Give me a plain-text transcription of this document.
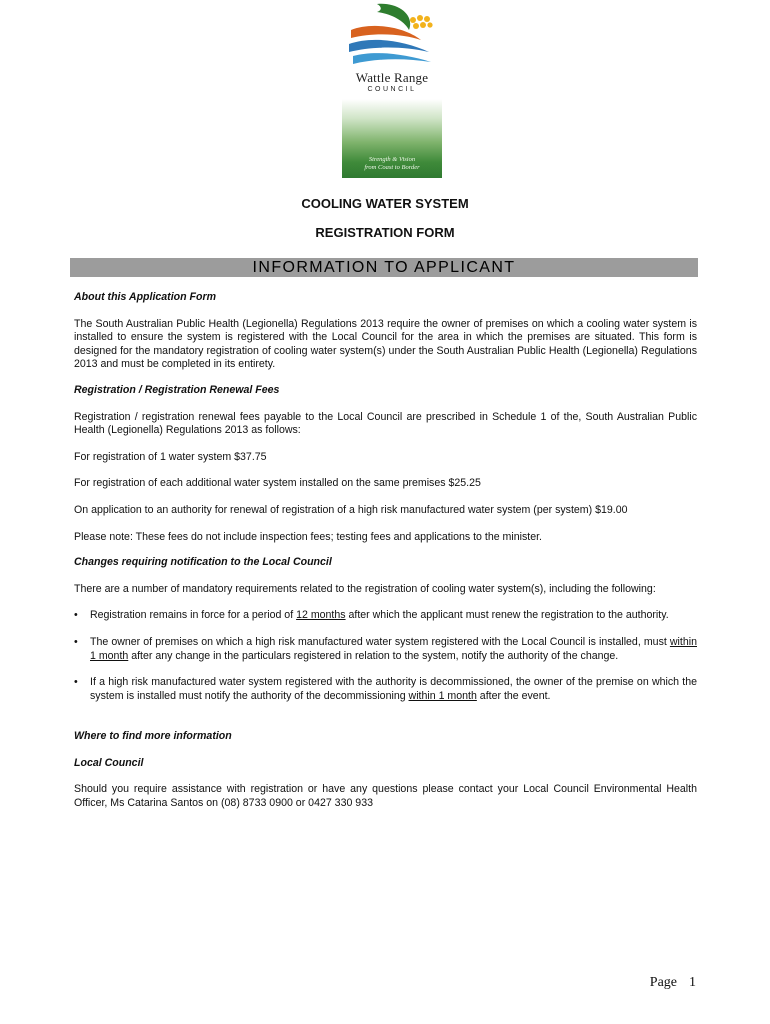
Wattle Range
COUNCIL
Strength & Vision
from Coast to Border
COOLING WATER SYSTEM
REGISTRATION FORM
INFORMATION TO APPLICANT

About this Application Form

The South Australian Public Health (Legionella) Regulations 2013 require the owner of premises on which a cooling water system is installed to ensure the system is registered with the Local Council for the area in which the premises are situated. This form is designed for the mandatory registration of cooling water system(s) under the South Australian Public Health (Legionella) Regulations 2013 and must be completed in its entirety.

Registration / Registration Renewal Fees

Registration / registration renewal fees payable to the Local Council are prescribed in Schedule 1 of the, South Australian Public Health (Legionella) Regulations 2013 as follows:

For registration of 1 water system $37.75

For registration of each additional water system installed on the same premises $25.25

On application to an authority for renewal of registration of a high risk manufactured water system (per system) $19.00

Please note: These fees do not include inspection fees; testing fees and applications to the minister.

Changes requiring notification to the Local Council

There are a number of mandatory requirements related to the registration of cooling water system(s), including the following:

• Registration remains in force for a period of 12 months after which the applicant must renew the registration to the authority.
• The owner of premises on which a high risk manufactured water system registered with the Local Council is installed, must within 1 month after any change in the particulars registered in relation to the system, notify the authority of the change.
• If a high risk manufactured water system registered with the authority is decommissioned, the owner of the premise on which the system is installed must notify the authority of the decommissioning within 1 month after the event.

Where to find more information

Local Council

Should you require assistance with registration or have any questions please contact your Local Council Environmental Health Officer, Ms Catarina Santos on (08) 8733 0900 or 0427 330 933

Page 1
